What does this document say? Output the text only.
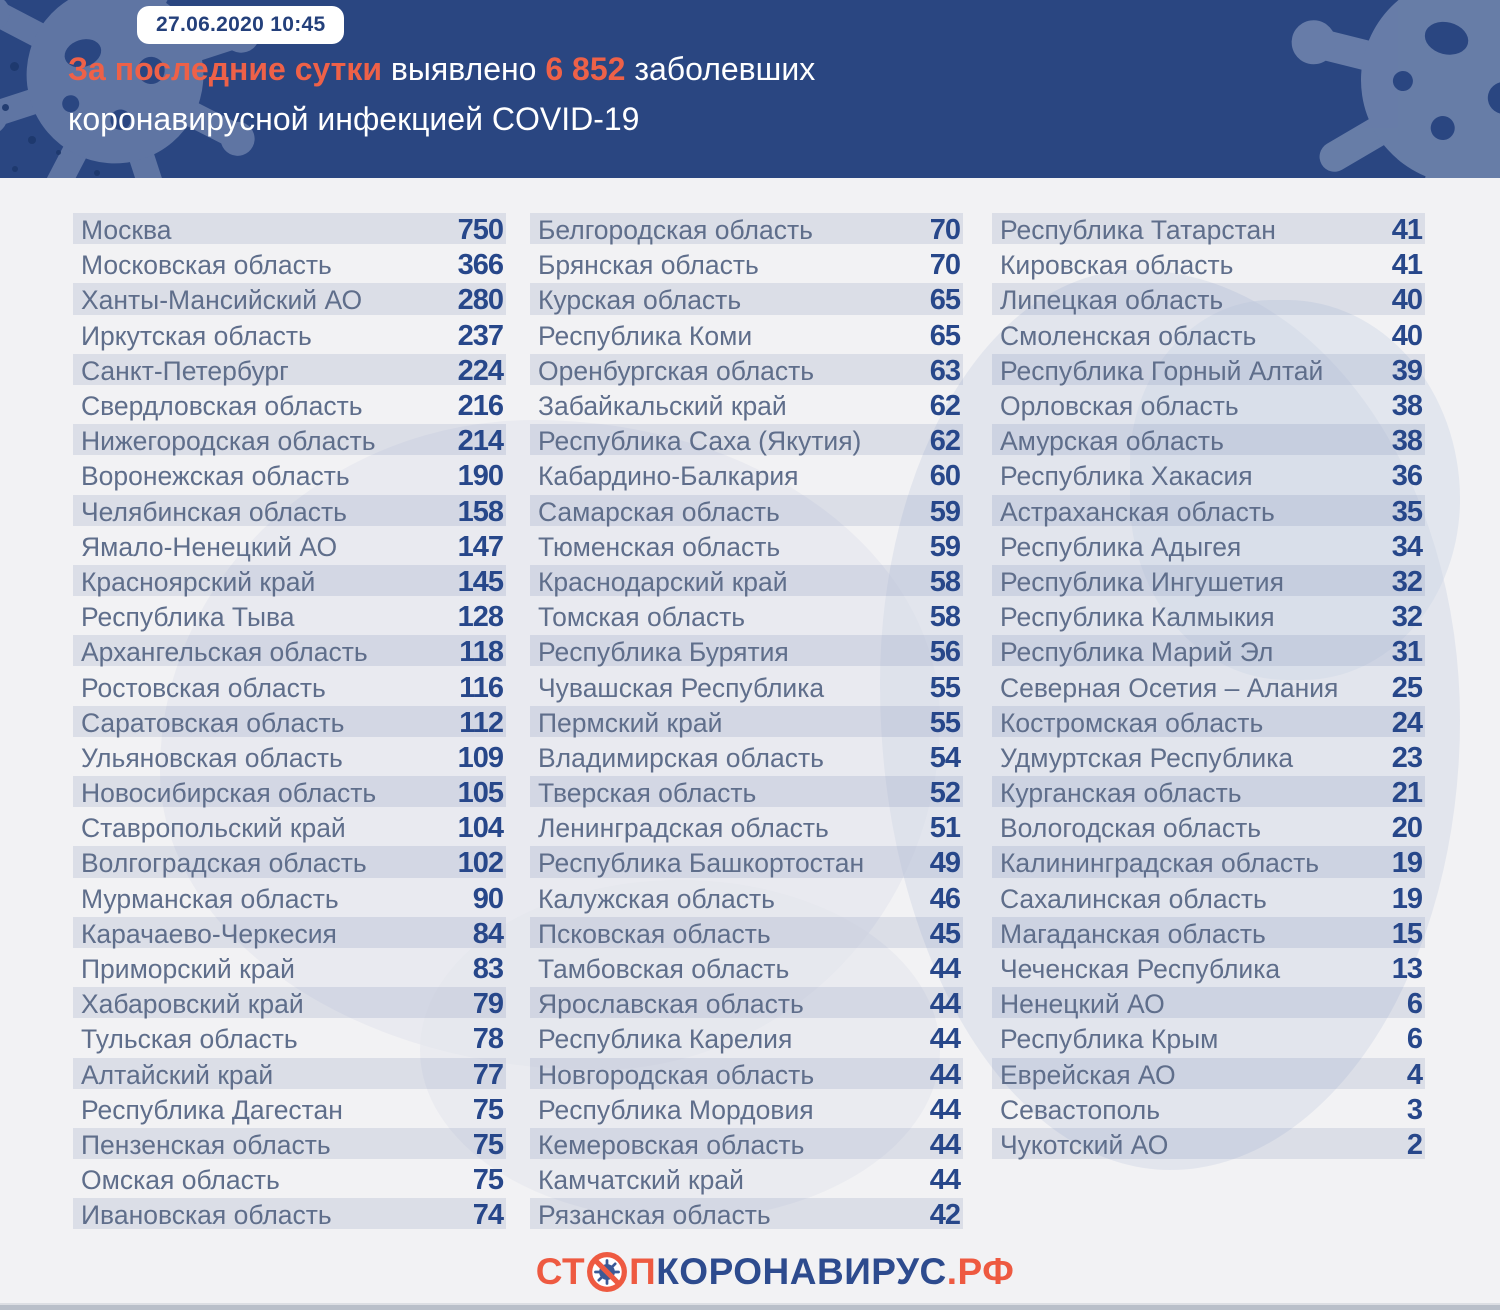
27.06.2020 10:45
За последние сутки выявлено 6 852 заболевших
коронавирусной инфекцией COVID-19
Москва	750
Московская область	366
Ханты-Мансийский АО	280
Иркутская область	237
Санкт-Петербург	224
Свердловская область	216
Нижегородская область	214
Воронежская область	190
Челябинская область	158
Ямало-Ненецкий АО	147
Красноярский край	145
Республика Тыва	128
Архангельская область	118
Ростовская область	116
Саратовская область	112
Ульяновская область	109
Новосибирская область	105
Ставропольский край	104
Волгоградская область	102
Мурманская область	90
Карачаево-Черкесия	84
Приморский край	83
Хабаровский край	79
Тульская область	78
Алтайский край	77
Республика Дагестан	75
Пензенская область	75
Омская область	75
Ивановская область	74
Белгородская область	70
Брянская область	70
Курская область	65
Республика Коми	65
Оренбургская область	63
Забайкальский край	62
Республика Саха (Якутия) 62
Кабардино-Балкария	60
Самарская область	59
Тюменская область	59
Краснодарский край	58
Томская область	58
Республика Бурятия	56
Чувашская Республика	55
Пермский край	55
Владимирская область	54
Тверская область	52
Ленинградская область	51
Республика Башкортостан 49
Калужская область	46
Псковская область	45
Тамбовская область	44
Ярославская область	44
Республика Карелия	44
Новгородская область	44
Республика Мордовия	44
Кемеровская область	44
Камчатский край	44
Рязанская область	42
Республика Татарстан	41
Кировская область	41
Липецкая область	40
Смоленская область	40
Республика Горный Алтай 39
Орловская область	38
Амурская область	38
Республика Хакасия	36
Астраханская область	35
Республика Адыгея	34
Республика Ингушетия	32
Республика Калмыкия	32
Республика Марий Эл	31
Северная Осетия – Алания 25
Костромская область	24
Удмуртская Республика	23
Курганская область	21
Вологодская область	20
Калининградская область	19
Сахалинская область	19
Магаданская область	15
Чеченская Республика	13
Ненецкий АО	6
Республика Крым	6
Еврейская АО	4
Севастополь	3
Чукотский АО	2
СТ П КОРОНАВИРУС .РФ
